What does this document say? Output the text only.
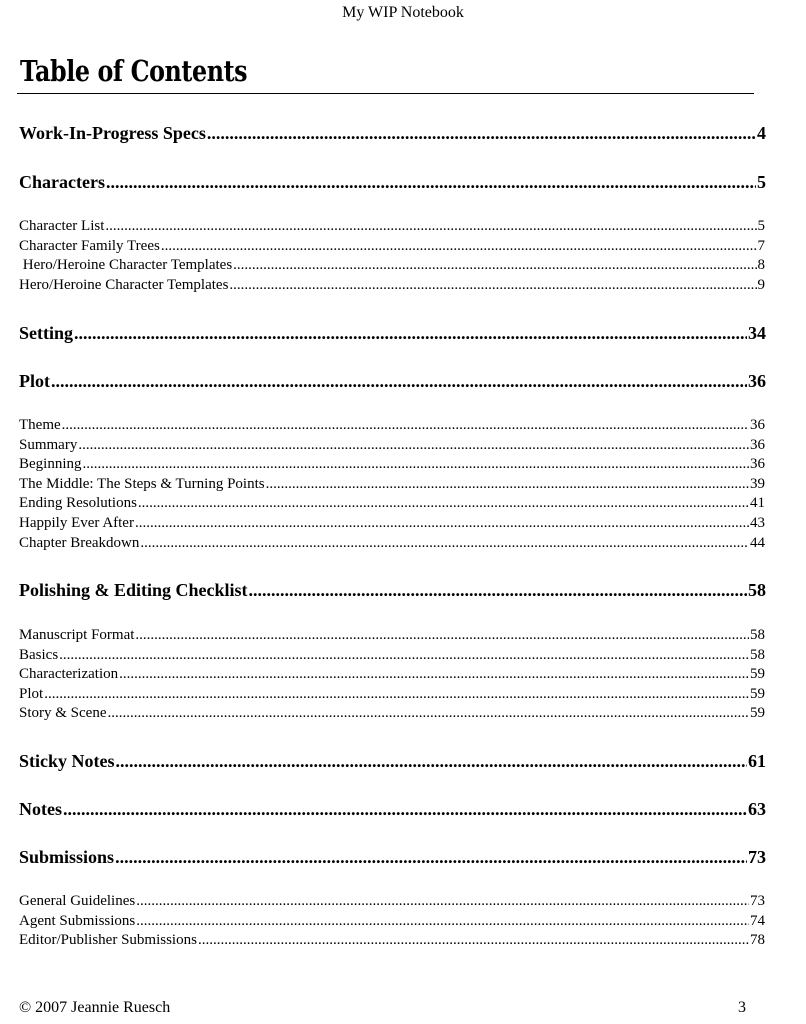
My WIP Notebook
Table of Contents
Work-In-Progress Specs .....	4
Characters .....	5
Character List .....	5
Character Family Trees .....	7
Hero/Heroine Character Templates .....	8
Hero/Heroine Character Templates .....	9
Setting .....	34
Plot .....	36
Theme .....	36
Summary .....	36
Beginning .....	36
The Middle: The Steps & Turning Points .....	39
Ending Resolutions .....	41
Happily Ever After .....	43
Chapter Breakdown .....	44
Polishing & Editing Checklist .....	58
Manuscript Format .....	58
Basics .....	58
Characterization .....	59
Plot .....	59
Story & Scene .....	59
Sticky Notes .....	61
Notes .....	63
Submissions .....	73
General Guidelines .....	73
Agent Submissions .....	74
Editor/Publisher Submissions .....	78
© 2007 Jeannie Ruesch	3
